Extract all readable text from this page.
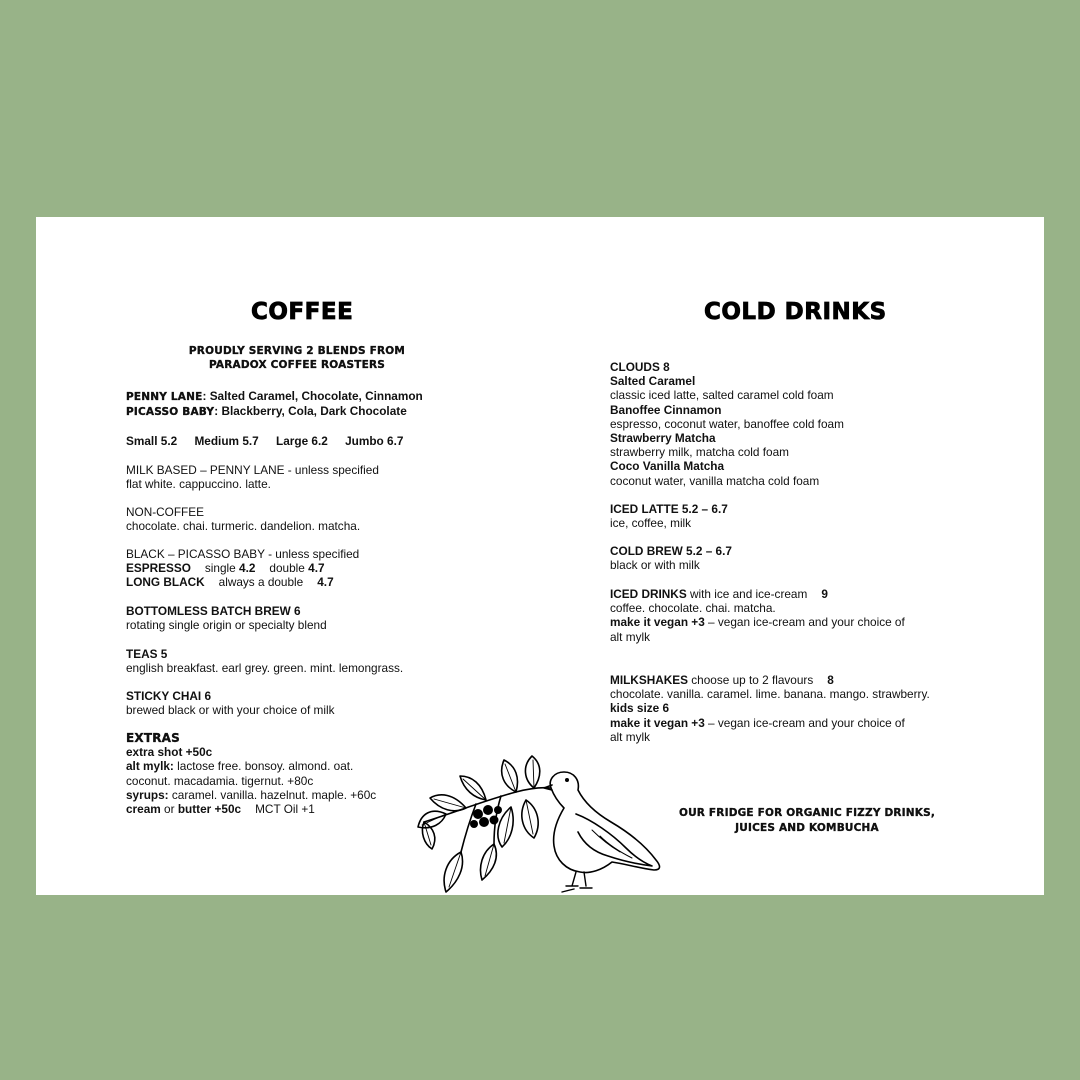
COFFEE
PROUDLY SERVING 2 BLENDS FROM
PARADOX COFFEE ROASTERS
PENNY LANE: Salted Caramel, Chocolate, Cinnamon
PICASSO BABY: Blackberry, Cola, Dark Chocolate
Small 5.2 Medium 5.7 Large 6.2 Jumbo 6.7
MILK BASED – PENNY LANE - unless specified
flat white. cappuccino. latte.
NON-COFFEE
chocolate. chai. turmeric. dandelion. matcha.
BLACK – PICASSO BABY - unless specified
ESPRESSO single 4.2 double 4.7
LONG BLACK always a double 4.7
BOTTOMLESS BATCH BREW 6
rotating single origin or specialty blend
TEAS 5
english breakfast. earl grey. green. mint. lemongrass.
STICKY CHAI 6
brewed black or with your choice of milk
EXTRAS
extra shot +50c
alt mylk: lactose free. bonsoy. almond. oat.
coconut. macadamia. tigernut. +80c
syrups: caramel. vanilla. hazelnut. maple. +60c
cream or butter +50c MCT Oil +1
COLD DRINKS
CLOUDS 8
Salted Caramel
classic iced latte, salted caramel cold foam
Banoffee Cinnamon
espresso, coconut water, banoffee cold foam
Strawberry Matcha
strawberry milk, matcha cold foam
Coco Vanilla Matcha
coconut water, vanilla matcha cold foam
ICED LATTE 5.2 – 6.7
ice, coffee, milk
COLD BREW 5.2 – 6.7
black or with milk
ICED DRINKS with ice and ice-cream 9
coffee. chocolate. chai. matcha.
make it vegan +3 – vegan ice-cream and your choice of
alt mylk
MILKSHAKES choose up to 2 flavours 8
chocolate. vanilla. caramel. lime. banana. mango. strawberry.
kids size 6
make it vegan +3 – vegan ice-cream and your choice of
alt mylk
OUR FRIDGE FOR ORGANIC FIZZY DRINKS,
JUICES AND KOMBUCHA
